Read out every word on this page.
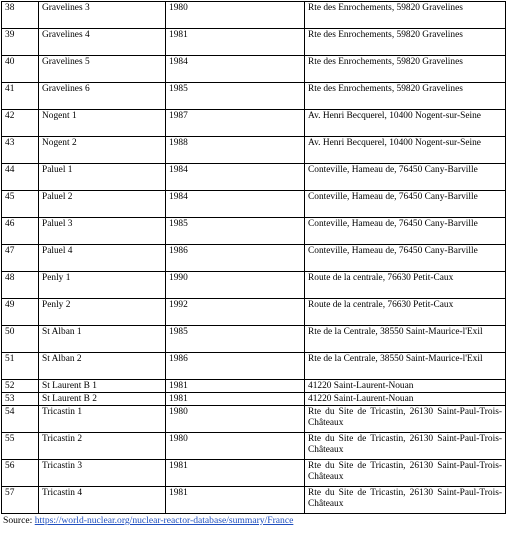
38	Gravelines 3	1980	Rte des Enrochements, 59820 Gravelines
39	Gravelines 4	1981	Rte des Enrochements, 59820 Gravelines
40	Gravelines 5	1984	Rte des Enrochements, 59820 Gravelines
41	Gravelines 6	1985	Rte des Enrochements, 59820 Gravelines
42	Nogent 1	1987	Av. Henri Becquerel, 10400 Nogent-sur-Seine
43	Nogent 2	1988	Av. Henri Becquerel, 10400 Nogent-sur-Seine
44	Paluel 1	1984	Conteville, Hameau de, 76450 Cany-Barville
45	Paluel 2	1984	Conteville, Hameau de, 76450 Cany-Barville
46	Paluel 3	1985	Conteville, Hameau de, 76450 Cany-Barville
47	Paluel 4	1986	Conteville, Hameau de, 76450 Cany-Barville
48	Penly 1	1990	Route de la centrale, 76630 Petit-Caux
49	Penly 2	1992	Route de la centrale, 76630 Petit-Caux
50	St Alban 1	1985	Rte de la Centrale, 38550 Saint-Maurice-l'Exil
51	St Alban 2	1986	Rte de la Centrale, 38550 Saint-Maurice-l'Exil
52	St Laurent B 1	1981	41220 Saint-Laurent-Nouan
53	St Laurent B 2	1981	41220 Saint-Laurent-Nouan
54	Tricastin 1	1980	Rte du Site de Tricastin, 26130 Saint-Paul-Trois-Châteaux
55	Tricastin 2	1980	Rte du Site de Tricastin, 26130 Saint-Paul-Trois-Châteaux
56	Tricastin 3	1981	Rte du Site de Tricastin, 26130 Saint-Paul-Trois-Châteaux
57	Tricastin 4	1981	Rte du Site de Tricastin, 26130 Saint-Paul-Trois-Châteaux
Source: https://world-nuclear.org/nuclear-reactor-database/summary/France
